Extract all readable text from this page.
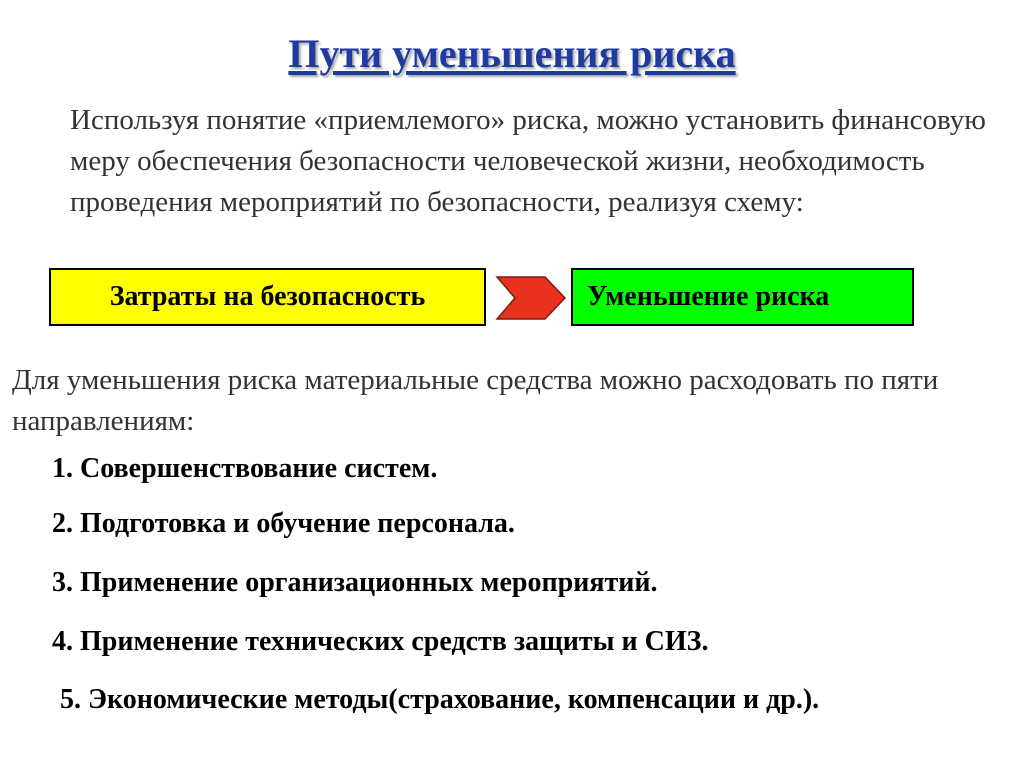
Пути уменьшения риска
Используя понятие «приемлемого» риска, можно установить финансовую меру обеспечения безопасности человеческой жизни, необходимость проведения мероприятий по безопасности, реализуя схему:
Затраты на безопасность	Уменьшение риска
Для уменьшения риска материальные средства можно расходовать по пяти направлениям:
1. Совершенствование систем.
2. Подготовка и обучение персонала.
3. Применение организационных мероприятий.
4. Применение технических средств защиты и СИЗ.
5. Экономические методы(страхование, компенсации и др.).
